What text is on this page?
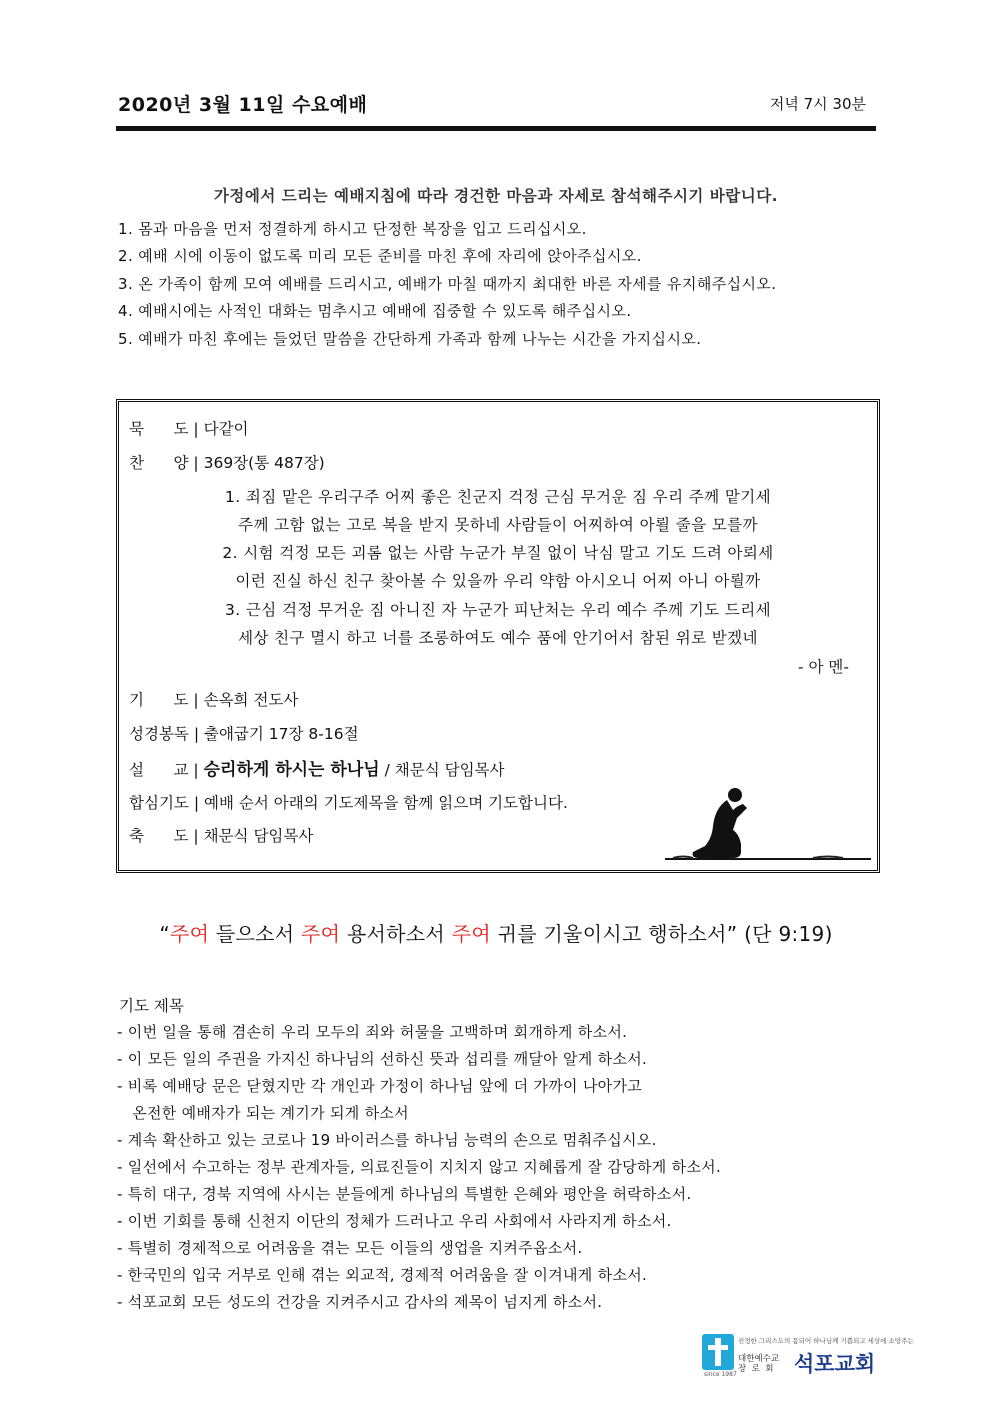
2020년 3월 11일 수요예배	저녁 7시 30분
가정에서 드리는 예배지침에 따라 경건한 마음과 자세로 참석해주시기 바랍니다.
1. 몸과 마음을 먼저 정결하게 하시고 단정한 복장을 입고 드리십시오.
2. 예배 시에 이동이 없도록 미리 모든 준비를 마친 후에 자리에 앉아주십시오.
3. 온 가족이 함께 모여 예배를 드리시고, 예배가 마칠 때까지 최대한 바른 자세를 유지해주십시오.
4. 예배시에는 사적인 대화는 멈추시고 예배에 집중할 수 있도록 해주십시오.
5. 예배가 마친 후에는 들었던 말씀을 간단하게 가족과 함께 나누는 시간을 가지십시오.
묵      도 | 다같이
찬      양 | 369장(통 487장)
1. 죄짐 맡은 우리구주 어찌 좋은 친군지 걱정 근심 무거운 짐 우리 주께 맡기세
주께 고함 없는 고로 복을 받지 못하네 사람들이 어찌하여 아뢸 줄을 모를까
2. 시험 걱정 모든 괴롬 없는 사람 누군가 부질 없이 낙심 말고 기도 드려 아뢰세
이런 진실 하신 친구 찾아볼 수 있을까 우리 약함 아시오니 어찌 아니 아뢸까
3. 근심 걱정 무거운 짐 아니진 자 누군가 피난처는 우리 예수 주께 기도 드리세
세상 친구 멸시 하고 너를 조롱하여도 예수 품에 안기어서 참된 위로 받겠네
- 아 멘-
기      도 | 손옥희 전도사
성경봉독 | 출애굽기 17장 8-16절
설      교 | 승리하게 하시는 하나님 / 채문식 담임목사
합심기도 | 예배 순서 아래의 기도제목을 함께 읽으며 기도합니다.
축      도 | 채문식 담임목사
“주여 들으소서 주여 용서하소서 주여 귀를 기울이시고 행하소서” (단 9:19)
기도 제목
- 이번 일을 통해 겸손히 우리 모두의 죄와 허물을 고백하며 회개하게 하소서.
- 이 모든 일의 주권을 가지신 하나님의 선하신 뜻과 섭리를 깨달아 알게 하소서.
- 비록 예배당 문은 닫혔지만 각 개인과 가정이 하나님 앞에 더 가까이 나아가고
온전한 예배자가 되는 계기가 되게 하소서
- 계속 확산하고 있는 코로나 19 바이러스를 하나님 능력의 손으로 멈춰주십시오.
- 일선에서 수고하는 정부 관계자들, 의료진들이 지치지 않고 지혜롭게 잘 감당하게 하소서.
- 특히 대구, 경북 지역에 사시는 분들에게 하나님의 특별한 은혜와 평안을 허락하소서.
- 이번 기회를 통해 신천지 이단의 정체가 드러나고 우리 사회에서 사라지게 하소서.
- 특별히 경제적으로 어려움을 겪는 모든 이들의 생업을 지켜주옵소서.
- 한국민의 입국 거부로 인해 겪는 외교적, 경제적 어려움을 잘 이겨내게 하소서.
- 석포교회 모든 성도의 건강을 지켜주시고 감사의 제목이 넘지게 하소서.
since 1987
진정한 그리스도의 몸되어 하나님께 기쁨되고 세상에 소망주는
대한예수교
장  로  회 석포교회
